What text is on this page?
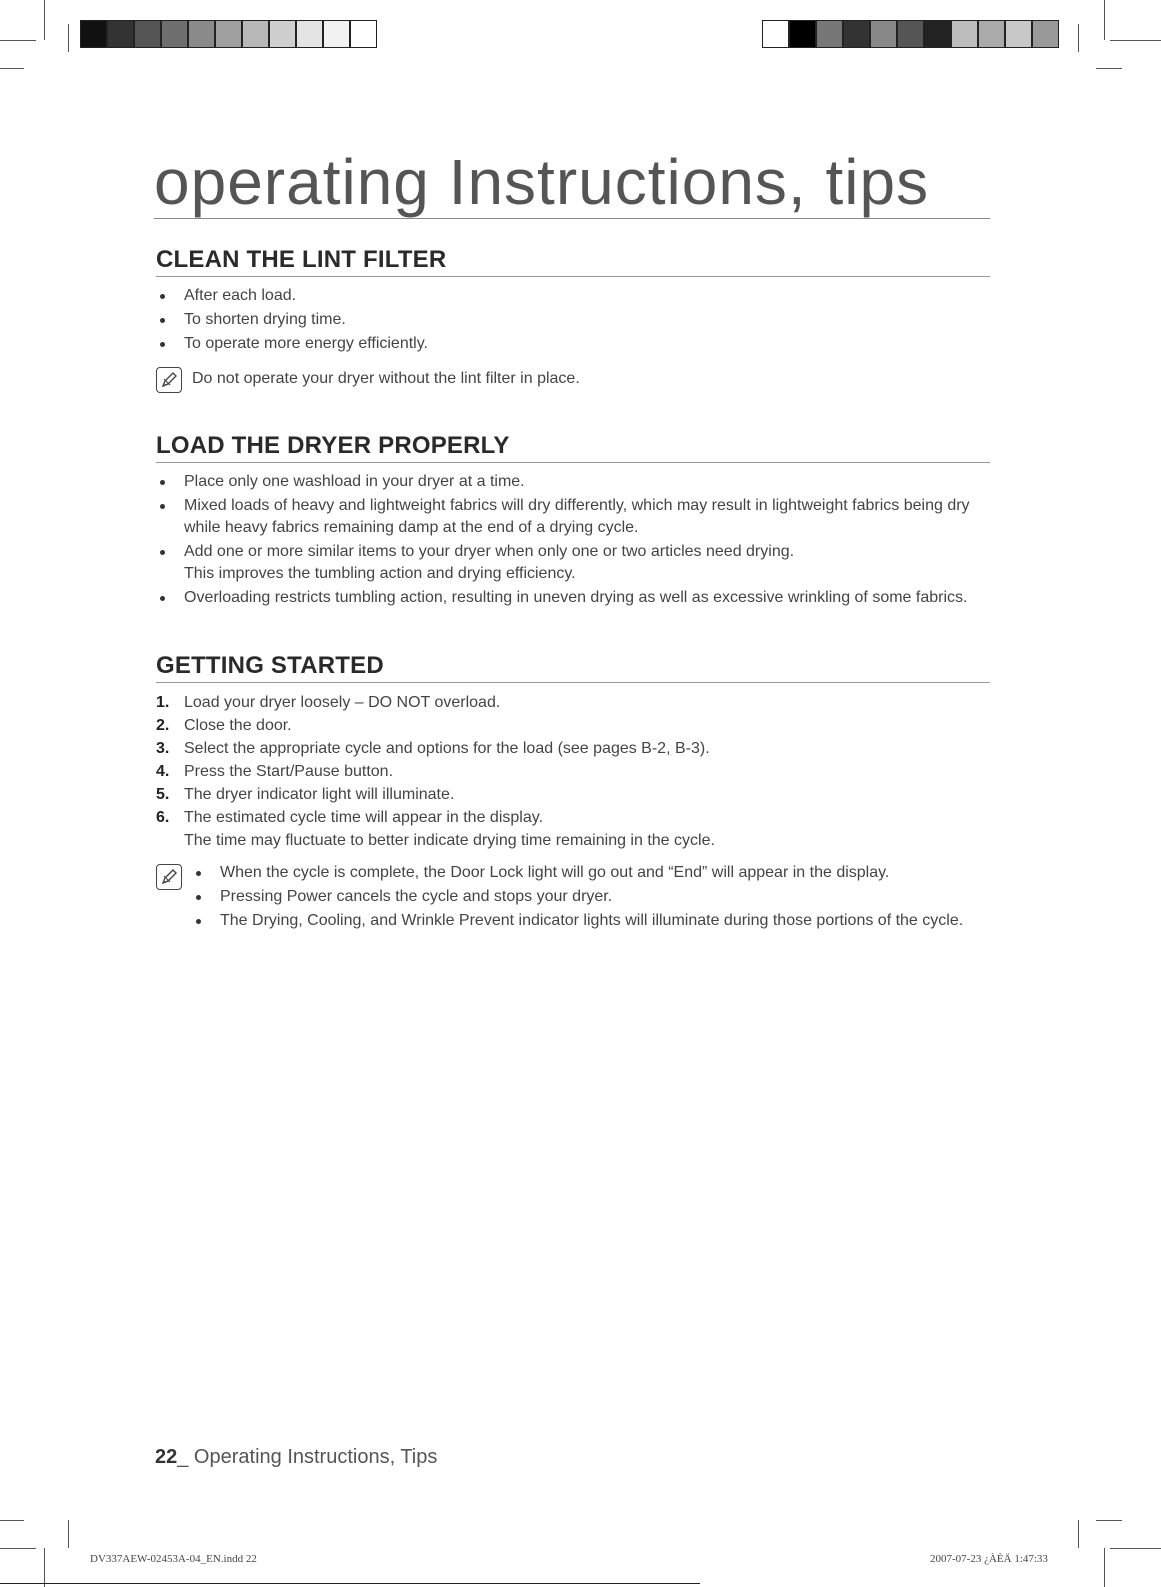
operating Instructions, tips
CLEAN THE LINT FILTER
After each load.
To shorten drying time.
To operate more energy efficiently.
Do not operate your dryer without the lint filter in place.
LOAD THE DRYER PROPERLY
Place only one washload in your dryer at a time.
Mixed loads of heavy and lightweight fabrics will dry differently, which may result in lightweight fabrics being dry while heavy fabrics remaining damp at the end of a drying cycle.
Add one or more similar items to your dryer when only one or two articles need drying.
This improves the tumbling action and drying efficiency.
Overloading restricts tumbling action, resulting in uneven drying as well as excessive wrinkling of some fabrics.
GETTING STARTED
1. Load your dryer loosely – DO NOT overload.
2. Close the door.
3. Select the appropriate cycle and options for the load (see pages B-2, B-3).
4. Press the Start/Pause button.
5. The dryer indicator light will illuminate.
6. The estimated cycle time will appear in the display.
The time may fluctuate to better indicate drying time remaining in the cycle.
When the cycle is complete, the Door Lock light will go out and “End” will appear in the display.
Pressing Power cancels the cycle and stops your dryer.
The Drying, Cooling, and Wrinkle Prevent indicator lights will illuminate during those portions of the cycle.
22_ Operating Instructions, Tips
DV337AEW-02453A-04_EN.indd 22	2007-07-23 ¿ÀÈÄ 1:47:33
